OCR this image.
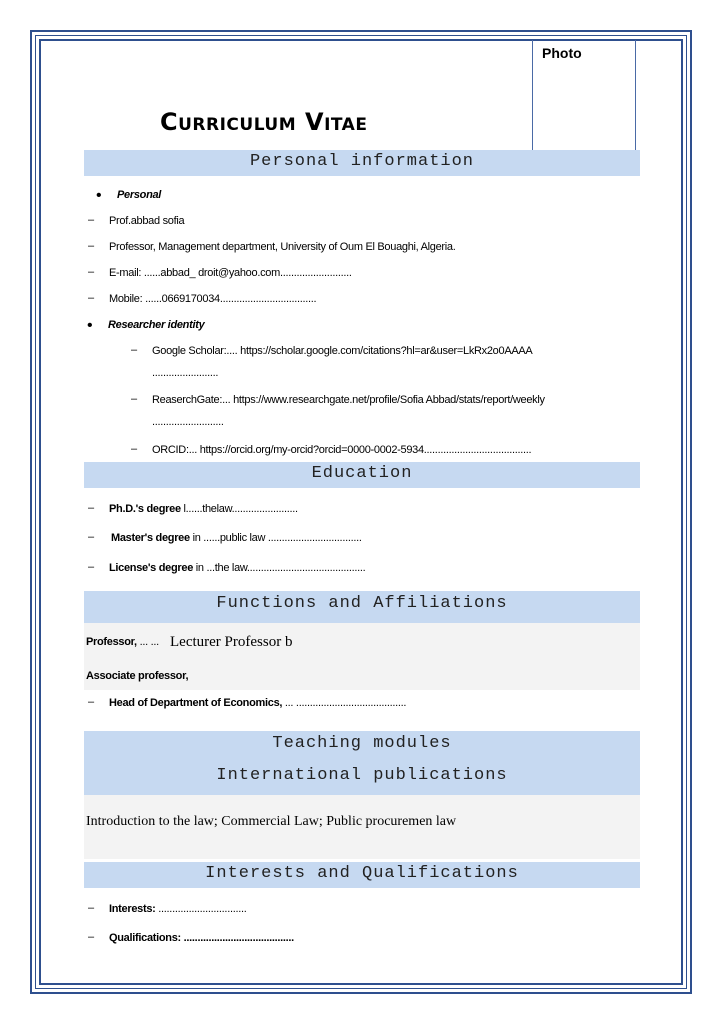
Photo
Curriculum Vitae
Personal information
• Personal
– Prof.abbad sofia
– Professor, Management department, University of Oum El Bouaghi, Algeria.
– E-mail: ......abbad_ droit@yahoo.com..........................
– Mobile: ......0669170034...................................
• Researcher identity
– Google Scholar:.... https://scholar.google.com/citations?hl=ar&user=LkRx2o0AAAA
........................
– ReaserchGate:... https://www.researchgate.net/profile/Sofia Abbad/stats/report/weekly
..........................
– ORCID:... https://orcid.org/my-orcid?orcid=0000-0002-5934.......................................
Education
– Ph.D.'s degree l......thelaw........................
– Master's degree in ......public law ..................................
– License's degree in ...the law...........................................
Functions and Affiliations
Professor, ... ... Lecturer Professor b
Associate professor,
– Head of Department of Economics, ... ........................................
Teaching modules
International publications
Introduction to the law; Commercial Law; Public procuremen law
Interests and Qualifications
– Interests: ................................
– Qualifications: ........................................
